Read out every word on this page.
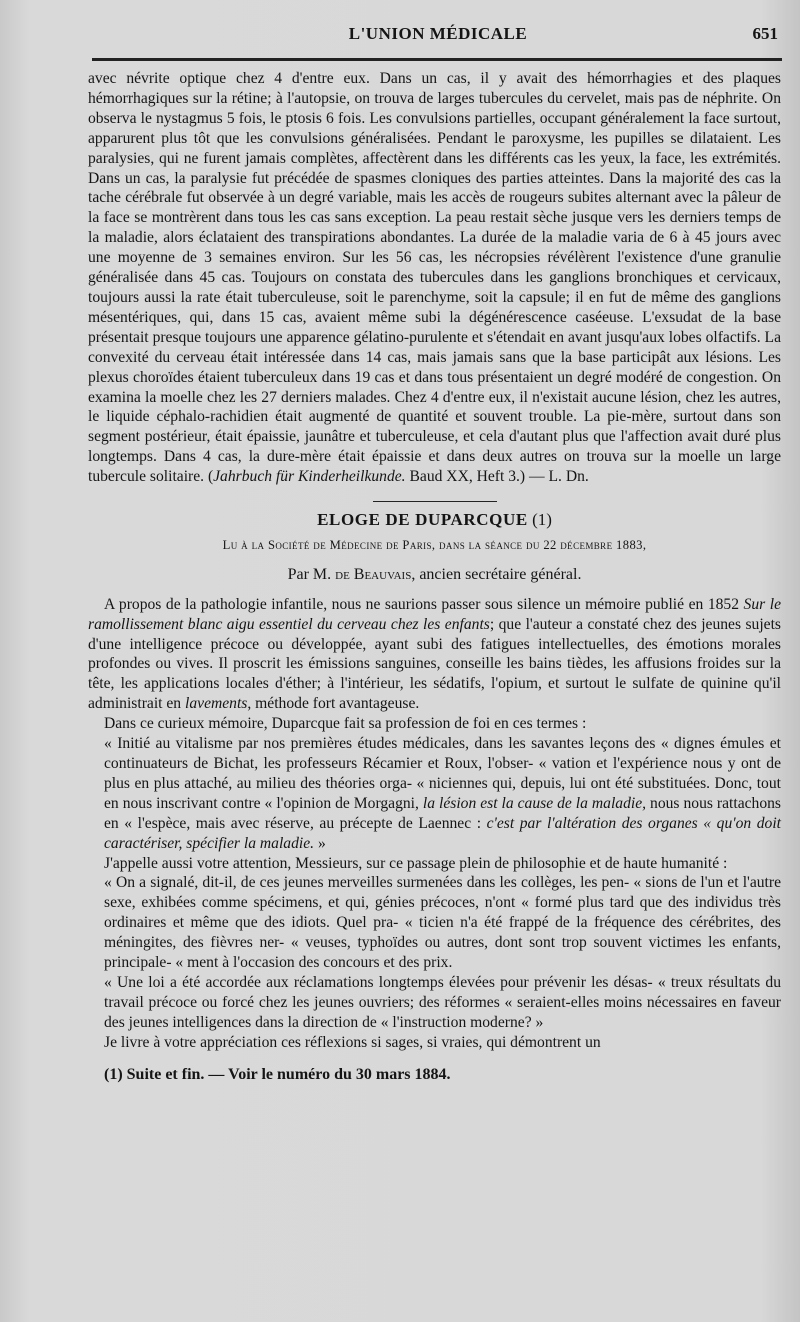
L'UNION MÉDICALE	651

avec névrite optique chez 4 d'entre eux. Dans un cas, il y avait des hémorrhagies et des plaques hémorrhagiques sur la rétine; à l'autopsie, on trouva de larges tubercules du cervelet, mais pas de néphrite. On observa le nystagmus 5 fois, le ptosis 6 fois. Les convulsions partielles, occupant généralement la face surtout, apparurent plus tôt que les convulsions généralisées. Pendant le paroxysme, les pupilles se dilataient. Les paralysies, qui ne furent jamais complètes, affectèrent dans les différents cas les yeux, la face, les extrémités. Dans un cas, la paralysie fut précédée de spasmes cloniques des parties atteintes. Dans la majorité des cas la tache cérébrale fut observée à un degré variable, mais les accès de rougeurs subites alternant avec la pâleur de la face se montrèrent dans tous les cas sans exception. La peau restait sèche jusque vers les derniers temps de la maladie, alors éclataient des transpirations abondantes. La durée de la maladie varia de 6 à 45 jours avec une moyenne de 3 semaines environ. Sur les 56 cas, les nécropsies révélèrent l'existence d'une granulie généralisée dans 45 cas. Toujours on constata des tubercules dans les ganglions bronchiques et cervicaux, toujours aussi la rate était tuberculeuse, soit le parenchyme, soit la capsule; il en fut de même des ganglions mésentériques, qui, dans 15 cas, avaient même subi la dégénérescence caséeuse. L'exsudat de la base présentait presque toujours une apparence gélatino-purulente et s'étendait en avant jusqu'aux lobes olfactifs. La convexité du cerveau était intéressée dans 14 cas, mais jamais sans que la base participât aux lésions. Les plexus choroïdes étaient tuberculeux dans 19 cas et dans tous présentaient un degré modéré de congestion. On examina la moelle chez les 27 derniers malades. Chez 4 d'entre eux, il n'existait aucune lésion, chez les autres, le liquide céphalo-rachidien était augmenté de quantité et souvent trouble. La pie-mère, surtout dans son segment postérieur, était épaissie, jaunâtre et tuberculeuse, et cela d'autant plus que l'affection avait duré plus longtemps. Dans 4 cas, la dure-mère était épaissie et dans deux autres on trouva sur la moelle un large tubercule solitaire. (Jahrbuch für Kinderheilkunde. Baud XX, Heft 3.) — L. Dn.

ELOGE DE DUPARCQUE (1)
Lu à la Société de Médecine de Paris, dans la séance du 22 décembre 1883,
Par M. de Beauvais, ancien secrétaire général.

A propos de la pathologie infantile, nous ne saurions passer sous silence un mémoire publié en 1852 Sur le ramollissement blanc aigu essentiel du cerveau chez les enfants; que l'auteur a constaté chez des jeunes sujets d'une intelligence précoce ou développée, ayant subi des fatigues intellectuelles, des émotions morales profondes ou vives. Il proscrit les émissions sanguines, conseille les bains tièdes, les affusions froides sur la tête, les applications locales d'éther; à l'intérieur, les sédatifs, l'opium, et surtout le sulfate de quinine qu'il administrait en lavements, méthode fort avantageuse.

Dans ce curieux mémoire, Duparcque fait sa profession de foi en ces termes :

« Initié au vitalisme par nos premières études médicales, dans les savantes leçons des « dignes émules et continuateurs de Bichat, les professeurs Récamier et Roux, l'obser- « vation et l'expérience nous y ont de plus en plus attaché, au milieu des théories orga- « niciennes qui, depuis, lui ont été substituées. Donc, tout en nous inscrivant contre « l'opinion de Morgagni, la lésion est la cause de la maladie, nous nous rattachons en « l'espèce, mais avec réserve, au précepte de Laennec : c'est par l'altération des organes « qu'on doit caractériser, spécifier la maladie. »

J'appelle aussi votre attention, Messieurs, sur ce passage plein de philosophie et de haute humanité :

« On a signalé, dit-il, de ces jeunes merveilles surmenées dans les collèges, les pen- « sions de l'un et l'autre sexe, exhibées comme spécimens, et qui, génies précoces, n'ont « formé plus tard que des individus très ordinaires et même que des idiots. Quel pra- « ticien n'a été frappé de la fréquence des cérébrites, des méningites, des fièvres ner- « veuses, typhoïdes ou autres, dont sont trop souvent victimes les enfants, principale- « ment à l'occasion des concours et des prix.

« Une loi a été accordée aux réclamations longtemps élevées pour prévenir les désas- « treux résultats du travail précoce ou forcé chez les jeunes ouvriers; des réformes « seraient-elles moins nécessaires en faveur des jeunes intelligences dans la direction de « l'instruction moderne? »

Je livre à votre appréciation ces réflexions si sages, si vraies, qui démontrent un

(1) Suite et fin. — Voir le numéro du 30 mars 1884.
